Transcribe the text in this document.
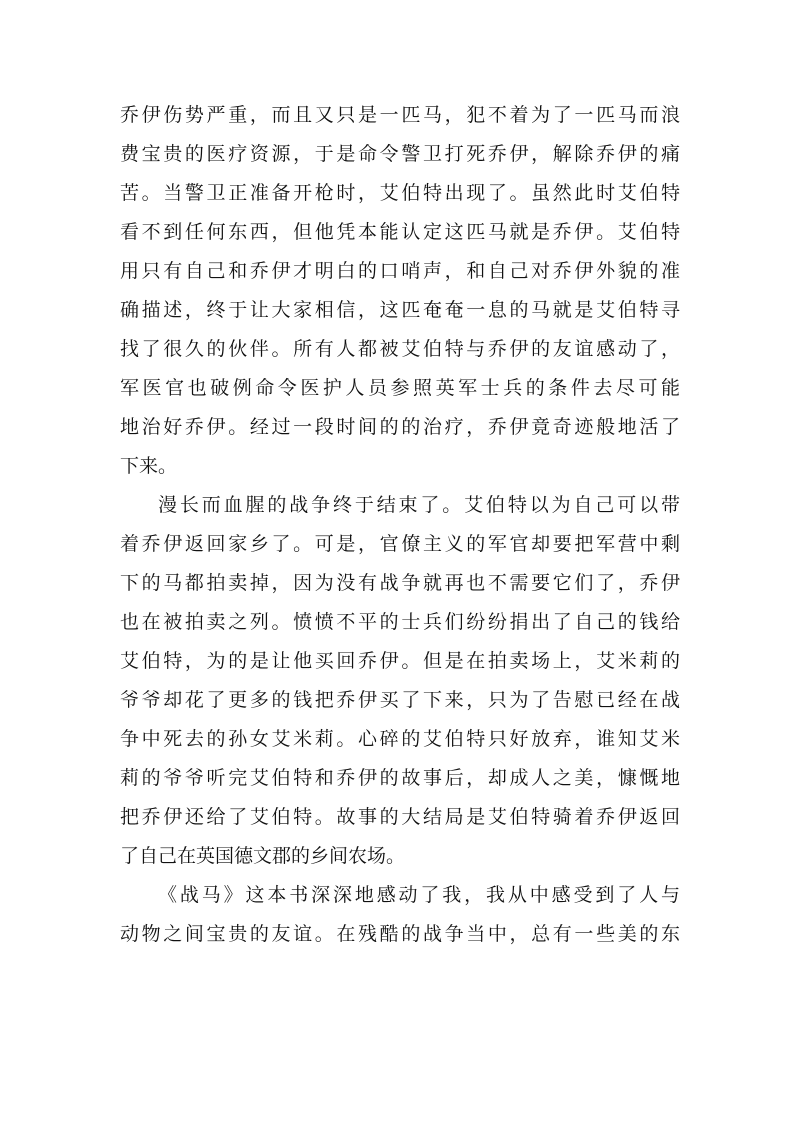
乔伊伤势严重，而且又只是一匹马，犯不着为了一匹马而浪
费宝贵的医疗资源，于是命令警卫打死乔伊，解除乔伊的痛
苦。当警卫正准备开枪时，艾伯特出现了。虽然此时艾伯特
看不到任何东西，但他凭本能认定这匹马就是乔伊。艾伯特
用只有自己和乔伊才明白的口哨声，和自己对乔伊外貌的准
确描述，终于让大家相信，这匹奄奄一息的马就是艾伯特寻
找了很久的伙伴。所有人都被艾伯特与乔伊的友谊感动了，
军医官也破例命令医护人员参照英军士兵的条件去尽可能
地治好乔伊。经过一段时间的的治疗，乔伊竟奇迹般地活了
下来。
漫长而血腥的战争终于结束了。艾伯特以为自己可以带
着乔伊返回家乡了。可是，官僚主义的军官却要把军营中剩
下的马都拍卖掉，因为没有战争就再也不需要它们了，乔伊
也在被拍卖之列。愤愤不平的士兵们纷纷捐出了自己的钱给
艾伯特，为的是让他买回乔伊。但是在拍卖场上，艾米莉的
爷爷却花了更多的钱把乔伊买了下来，只为了告慰已经在战
争中死去的孙女艾米莉。心碎的艾伯特只好放弃，谁知艾米
莉的爷爷听完艾伯特和乔伊的故事后，却成人之美，慷慨地
把乔伊还给了艾伯特。故事的大结局是艾伯特骑着乔伊返回
了自己在英国德文郡的乡间农场。
《战马》这本书深深地感动了我，我从中感受到了人与
动物之间宝贵的友谊。在残酷的战争当中，总有一些美的东
